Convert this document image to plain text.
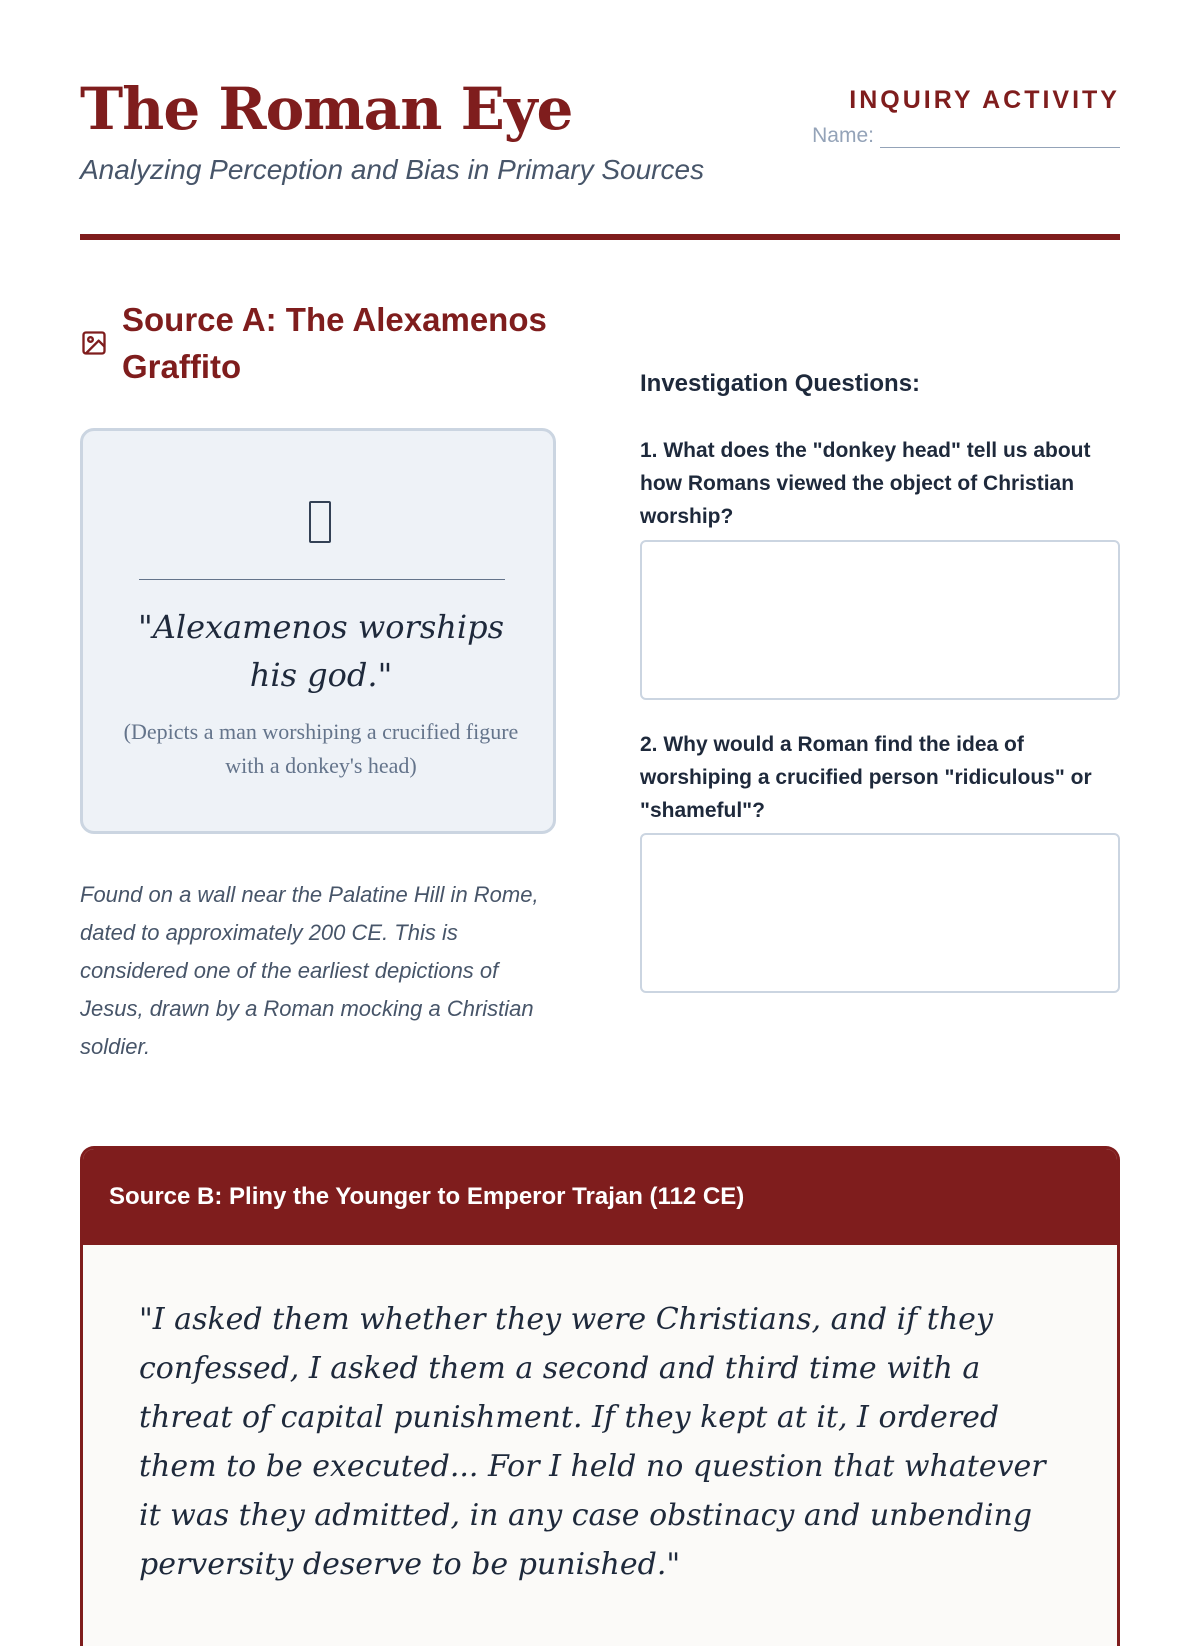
The Roman Eye
Analyzing Perception and Bias in Primary Sources
INQUIRY ACTIVITY
Name:
Source A: The Alexamenos Graffito
"Alexamenos worships his god."
(Depicts a man worshiping a crucified figure with a donkey's head)
Found on a wall near the Palatine Hill in Rome, dated to approximately 200 CE. This is considered one of the earliest depictions of Jesus, drawn by a Roman mocking a Christian soldier.
Investigation Questions:
1. What does the "donkey head" tell us about how Romans viewed the object of Christian worship?
2. Why would a Roman find the idea of worshiping a crucified person "ridiculous" or "shameful"?
Source B: Pliny the Younger to Emperor Trajan (112 CE)
"I asked them whether they were Christians, and if they confessed, I asked them a second and third time with a threat of capital punishment. If they kept at it, I ordered them to be executed... For I held no question that whatever it was they admitted, in any case obstinacy and unbending perversity deserve to be punished."
